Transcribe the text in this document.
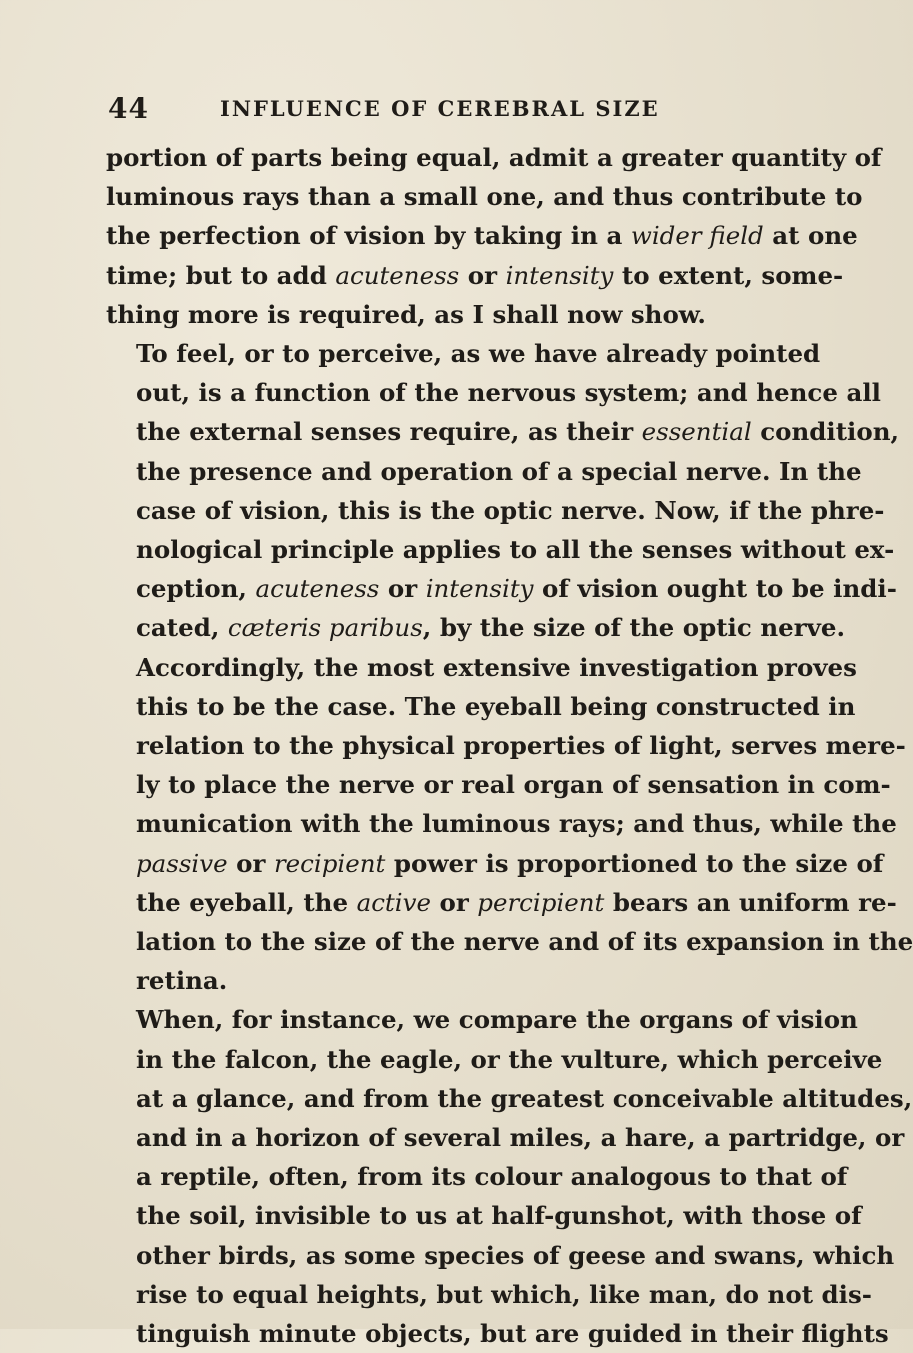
44	INFLUENCE OF CEREBRAL SIZE

portion of parts being equal, admit a greater quantity of
luminous rays than a small one, and thus contribute to
the perfection of vision by taking in a wider field at one
time; but to add acuteness or intensity to extent, some-
thing more is required, as I shall now show.

To feel, or to perceive, as we have already pointed
out, is a function of the nervous system; and hence all
the external senses require, as their essential condition,
the presence and operation of a special nerve. In the
case of vision, this is the optic nerve. Now, if the phre-
nological principle applies to all the senses without ex-
ception, acuteness or intensity of vision ought to be indi-
cated, cæteris paribus, by the size of the optic nerve.
Accordingly, the most extensive investigation proves
this to be the case. The eyeball being constructed in
relation to the physical properties of light, serves mere-
ly to place the nerve or real organ of sensation in com-
munication with the luminous rays; and thus, while the
passive or recipient power is proportioned to the size of
the eyeball, the active or percipient bears an uniform re-
lation to the size of the nerve and of its expansion in the
retina.

When, for instance, we compare the organs of vision
in the falcon, the eagle, or the vulture, which perceive
at a glance, and from the greatest conceivable altitudes,
and in a horizon of several miles, a hare, a partridge, or
a reptile, often, from its colour analogous to that of
the soil, invisible to us at half-gunshot, with those of
other birds, as some species of geese and swans, which
rise to equal heights, but which, like man, do not dis-
tinguish minute objects, but are guided in their flights
